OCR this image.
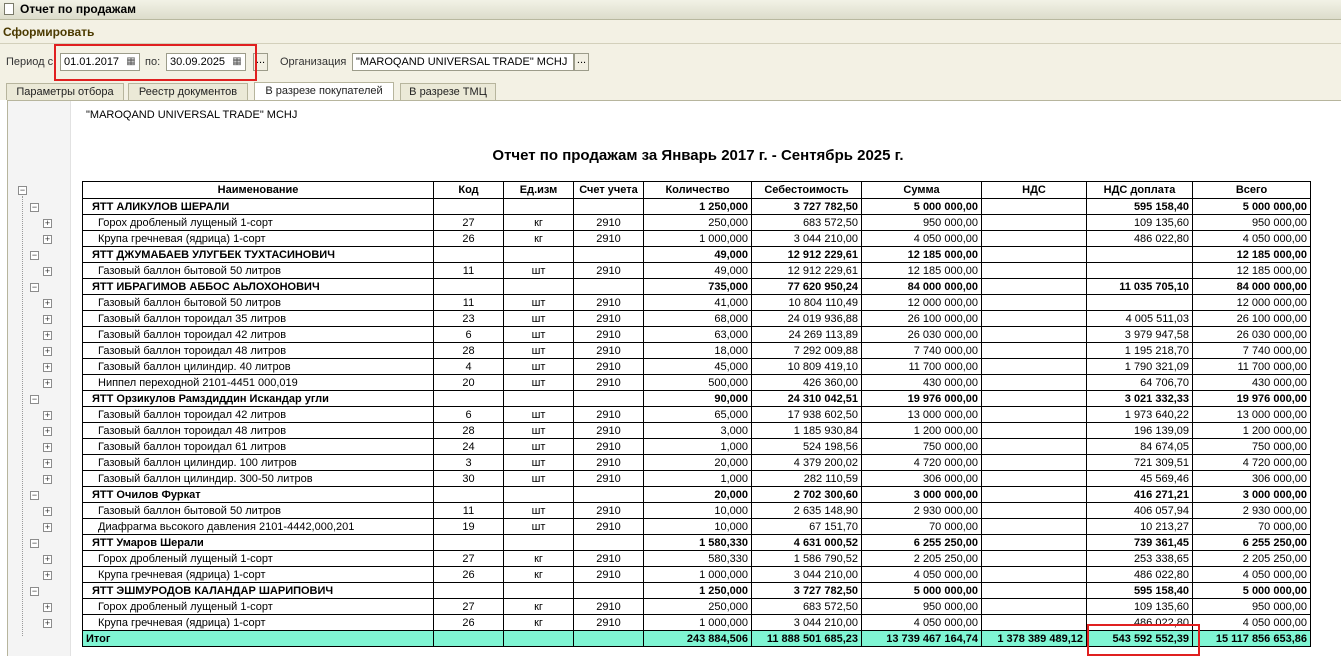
Отчет по продажам
Сформировать
Период с: 01.01.2017 ▦ по: 30.09.2025 ▦ ... Организация "MAROQAND UNIVERSAL TRADE" MCHJ ...
Параметры отбора	Реестр документов	В разрезе покупателей	В разрезе ТМЦ
"MAROQAND UNIVERSAL TRADE" MCHJ
Отчет по продажам за Январь 2017 г. - Сентябрь 2025 г.
Наименование	Код	Ед.изм	Счет учета	Количество	Себестоимость	Сумма	НДС	НДС доплата	Всего
ЯТТ АЛИКУЛОВ ШЕРАЛИ				1 250,000	3 727 782,50	5 000 000,00		595 158,40	5 000 000,00
Горох дробленый лущеный 1-сорт	27	кг	2910	250,000	683 572,50	950 000,00		109 135,60	950 000,00
Крупа гречневая (ядрица) 1-сорт	26	кг	2910	1 000,000	3 044 210,00	4 050 000,00		486 022,80	4 050 000,00
ЯТТ ДЖУМАБАЕВ УЛУГБЕК ТУХТАСИНОВИЧ				49,000	12 912 229,61	12 185 000,00			12 185 000,00
Газовый баллон бытовой 50 литров	11	шт	2910	49,000	12 912 229,61	12 185 000,00			12 185 000,00
ЯТТ ИБРАГИМОВ АББОС АЬЛОХОНОВИЧ				735,000	77 620 950,24	84 000 000,00		11 035 705,10	84 000 000,00
Газовый баллон бытовой 50 литров	11	шт	2910	41,000	10 804 110,49	12 000 000,00			12 000 000,00
Газовый баллон тороидал 35 литров	23	шт	2910	68,000	24 019 936,88	26 100 000,00		4 005 511,03	26 100 000,00
Газовый баллон тороидал 42 литров	6	шт	2910	63,000	24 269 113,89	26 030 000,00		3 979 947,58	26 030 000,00
Газовый баллон тороидал 48 литров	28	шт	2910	18,000	7 292 009,88	7 740 000,00		1 195 218,70	7 740 000,00
Газовый баллон цилиндир. 40 литров	4	шт	2910	45,000	10 809 419,10	11 700 000,00		1 790 321,09	11 700 000,00
Ниппел переходной 2101-4451 000,019	20	шт	2910	500,000	426 360,00	430 000,00		64 706,70	430 000,00
ЯТТ Орзикулов Рамздиддин Искандар угли				90,000	24 310 042,51	19 976 000,00		3 021 332,33	19 976 000,00
Газовый баллон тороидал 42 литров	6	шт	2910	65,000	17 938 602,50	13 000 000,00		1 973 640,22	13 000 000,00
Газовый баллон тороидал 48 литров	28	шт	2910	3,000	1 185 930,84	1 200 000,00		196 139,09	1 200 000,00
Газовый баллон тороидал 61 литров	24	шт	2910	1,000	524 198,56	750 000,00		84 674,05	750 000,00
Газовый баллон цилиндир. 100 литров	3	шт	2910	20,000	4 379 200,02	4 720 000,00		721 309,51	4 720 000,00
Газовый баллон цилиндир. 300-50 литров	30	шт	2910	1,000	282 110,59	306 000,00		45 569,46	306 000,00
ЯТТ Очилов Фуркат				20,000	2 702 300,60	3 000 000,00		416 271,21	3 000 000,00
Газовый баллон бытовой 50 литров	11	шт	2910	10,000	2 635 148,90	2 930 000,00		406 057,94	2 930 000,00
Диафрагма вьсокого давления 2101-4442,000,201	19	шт	2910	10,000	67 151,70	70 000,00		10 213,27	70 000,00
ЯТТ Умаров Шерали				1 580,330	4 631 000,52	6 255 250,00		739 361,45	6 255 250,00
Горох дробленый лущеный 1-сорт	27	кг	2910	580,330	1 586 790,52	2 205 250,00		253 338,65	2 205 250,00
Крупа гречневая (ядрица) 1-сорт	26	кг	2910	1 000,000	3 044 210,00	4 050 000,00		486 022,80	4 050 000,00
ЯТТ ЭШМУРОДОВ КАЛАНДАР ШАРИПОВИЧ				1 250,000	3 727 782,50	5 000 000,00		595 158,40	5 000 000,00
Горох дробленый лущеный 1-сорт	27	кг	2910	250,000	683 572,50	950 000,00		109 135,60	950 000,00
Крупа гречневая (ядрица) 1-сорт	26	кг	2910	1 000,000	3 044 210,00	4 050 000,00		486 022,80	4 050 000,00
Итог				243 884,506	11 888 501 685,23	13 739 467 164,74	1 378 389 489,12	543 592 552,39	15 117 856 653,86
−
−
+
+
−
+
−
+
+
+
+
+
+
−
+
+
+
+
+
−
+
+
−
+
+
−
+
+
